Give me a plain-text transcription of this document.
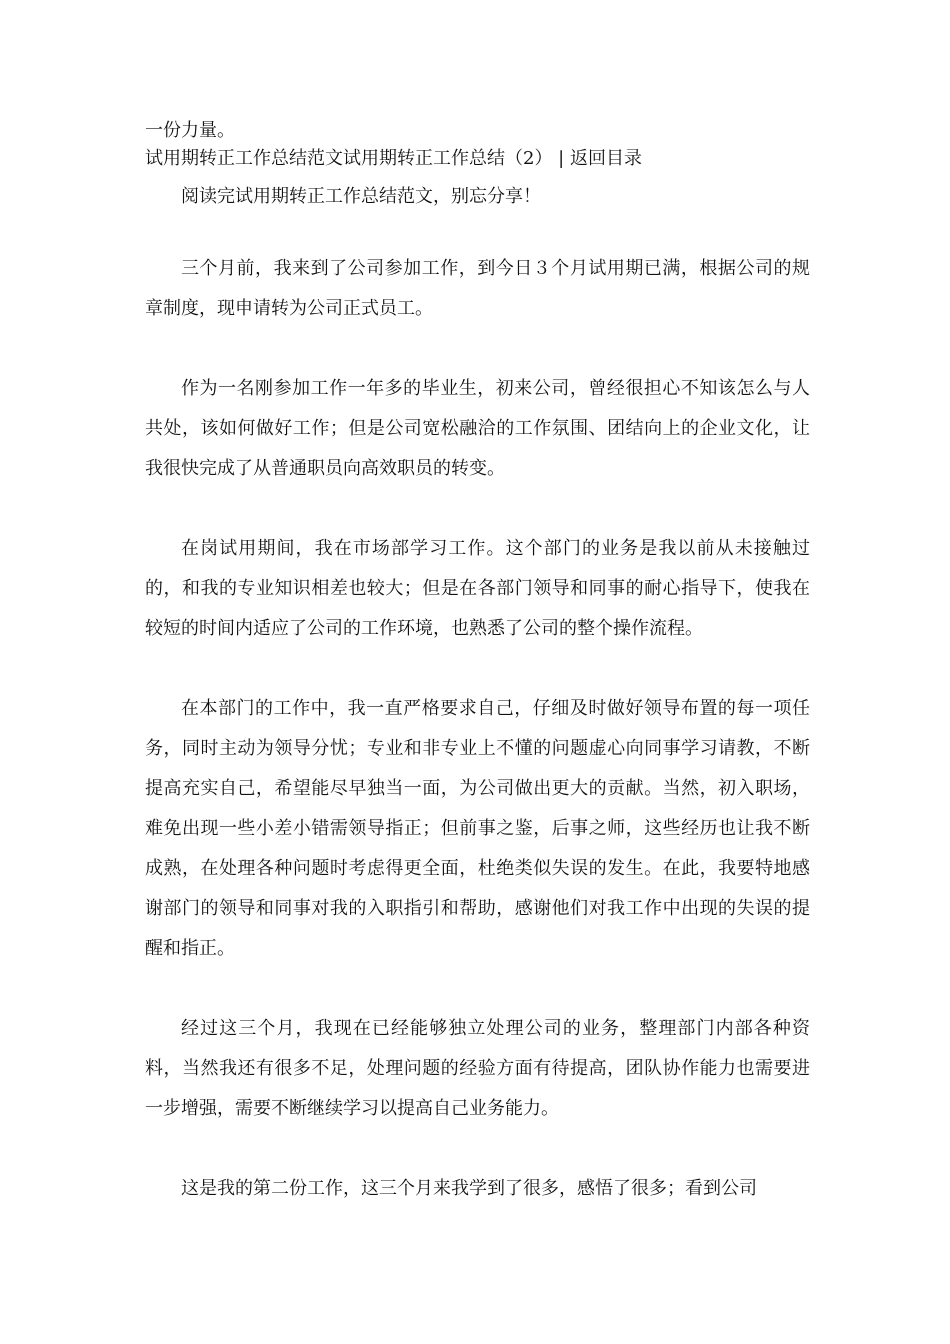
一份力量。
试用期转正工作总结范文试用期转正工作总结（2） | 返回目录

阅读完试用期转正工作总结范文，别忘分享！

三个月前，我来到了公司参加工作，到今日３个月试用期已满，根据公司的规章制度，现申请转为公司正式员工。

作为一名刚参加工作一年多的毕业生，初来公司，曾经很担心不知该怎么与人共处，该如何做好工作；但是公司宽松融洽的工作氛围、团结向上的企业文化，让我很快完成了从普通职员向高效职员的转变。

在岗试用期间，我在市场部学习工作。这个部门的业务是我以前从未接触过的，和我的专业知识相差也较大；但是在各部门领导和同事的耐心指导下，使我在较短的时间内适应了公司的工作环境，也熟悉了公司的整个操作流程。

在本部门的工作中，我一直严格要求自己，仔细及时做好领导布置的每一项任务，同时主动为领导分忧；专业和非专业上不懂的问题虚心向同事学习请教，不断提高充实自己，希望能尽早独当一面，为公司做出更大的贡献。当然，初入职场，难免出现一些小差小错需领导指正；但前事之鉴，后事之师，这些经历也让我不断成熟，在处理各种问题时考虑得更全面，杜绝类似失误的发生。在此，我要特地感谢部门的领导和同事对我的入职指引和帮助，感谢他们对我工作中出现的失误的提醒和指正。

经过这三个月，我现在已经能够独立处理公司的业务，整理部门内部各种资料，当然我还有很多不足，处理问题的经验方面有待提高，团队协作能力也需要进一步增强，需要不断继续学习以提高自己业务能力。

这是我的第二份工作，这三个月来我学到了很多，感悟了很多；看到公司
